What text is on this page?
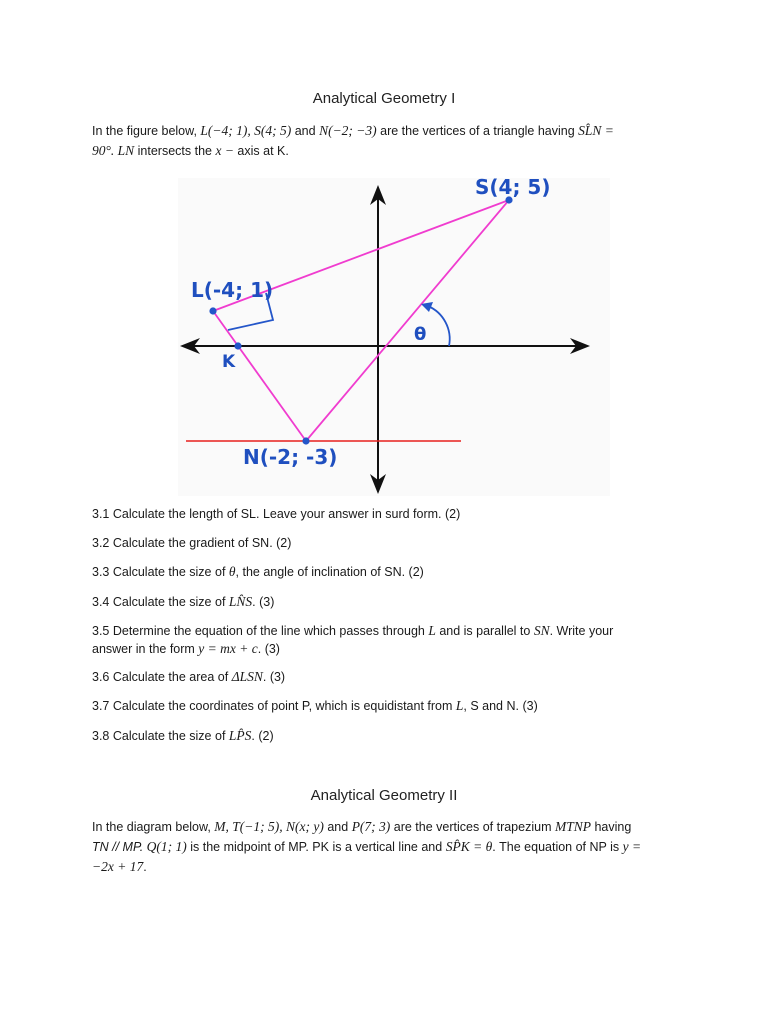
Analytical Geometry I
In the figure below, L(−4; 1), S(4; 5) and N(−2; −3) are the vertices of a triangle having SL̂N =
90°. LN intersects the x − axis at K.
S(4; 5)
L(-4; 1)
K
N(-2; -3)
θ
3.1 Calculate the length of SL. Leave your answer in surd form. (2)
3.2 Calculate the gradient of SN. (2)
3.3 Calculate the size of θ, the angle of inclination of SN. (2)
3.4 Calculate the size of LN̂S. (3)
3.5 Determine the equation of the line which passes through L and is parallel to SN. Write your
answer in the form y = mx + c. (3)
3.6 Calculate the area of ΔLSN. (3)
3.7 Calculate the coordinates of point P, which is equidistant from L, S and N. (3)
3.8 Calculate the size of LP̂S. (2)
Analytical Geometry II
In the diagram below, M, T(−1; 5), N(x; y) and P(7; 3) are the vertices of trapezium MTNP having
TN // MP. Q(1; 1) is the midpoint of MP. PK is a vertical line and SP̂K = θ. The equation of NP is y =
−2x + 17.
